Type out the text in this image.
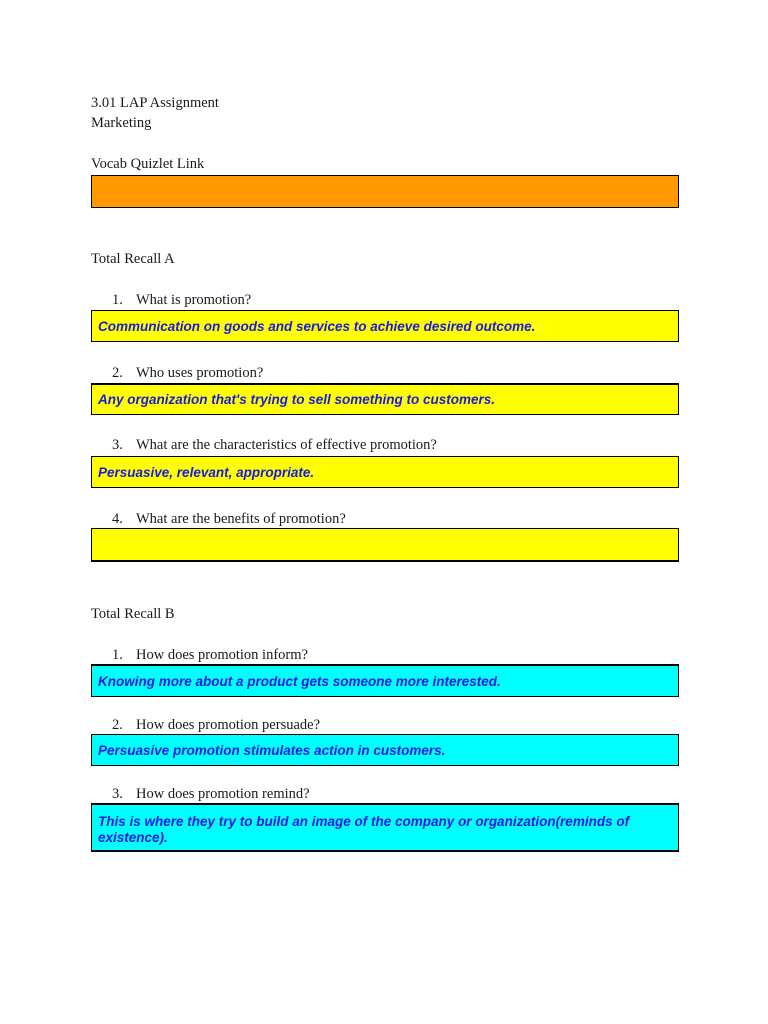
3.01 LAP Assignment
Marketing
Vocab Quizlet Link
Total Recall A
1. What is promotion?
Communication on goods and services to achieve desired outcome.
2. Who uses promotion?
Any organization that's trying to sell something to customers.
3. What are the characteristics of effective promotion?
Persuasive, relevant, appropriate.
4. What are the benefits of promotion?
Total Recall B
1. How does promotion inform?
Knowing more about a product gets someone more interested.
2. How does promotion persuade?
Persuasive promotion stimulates action in customers.
3. How does promotion remind?
This is where they try to build an image of the company or organization(reminds of existence).
